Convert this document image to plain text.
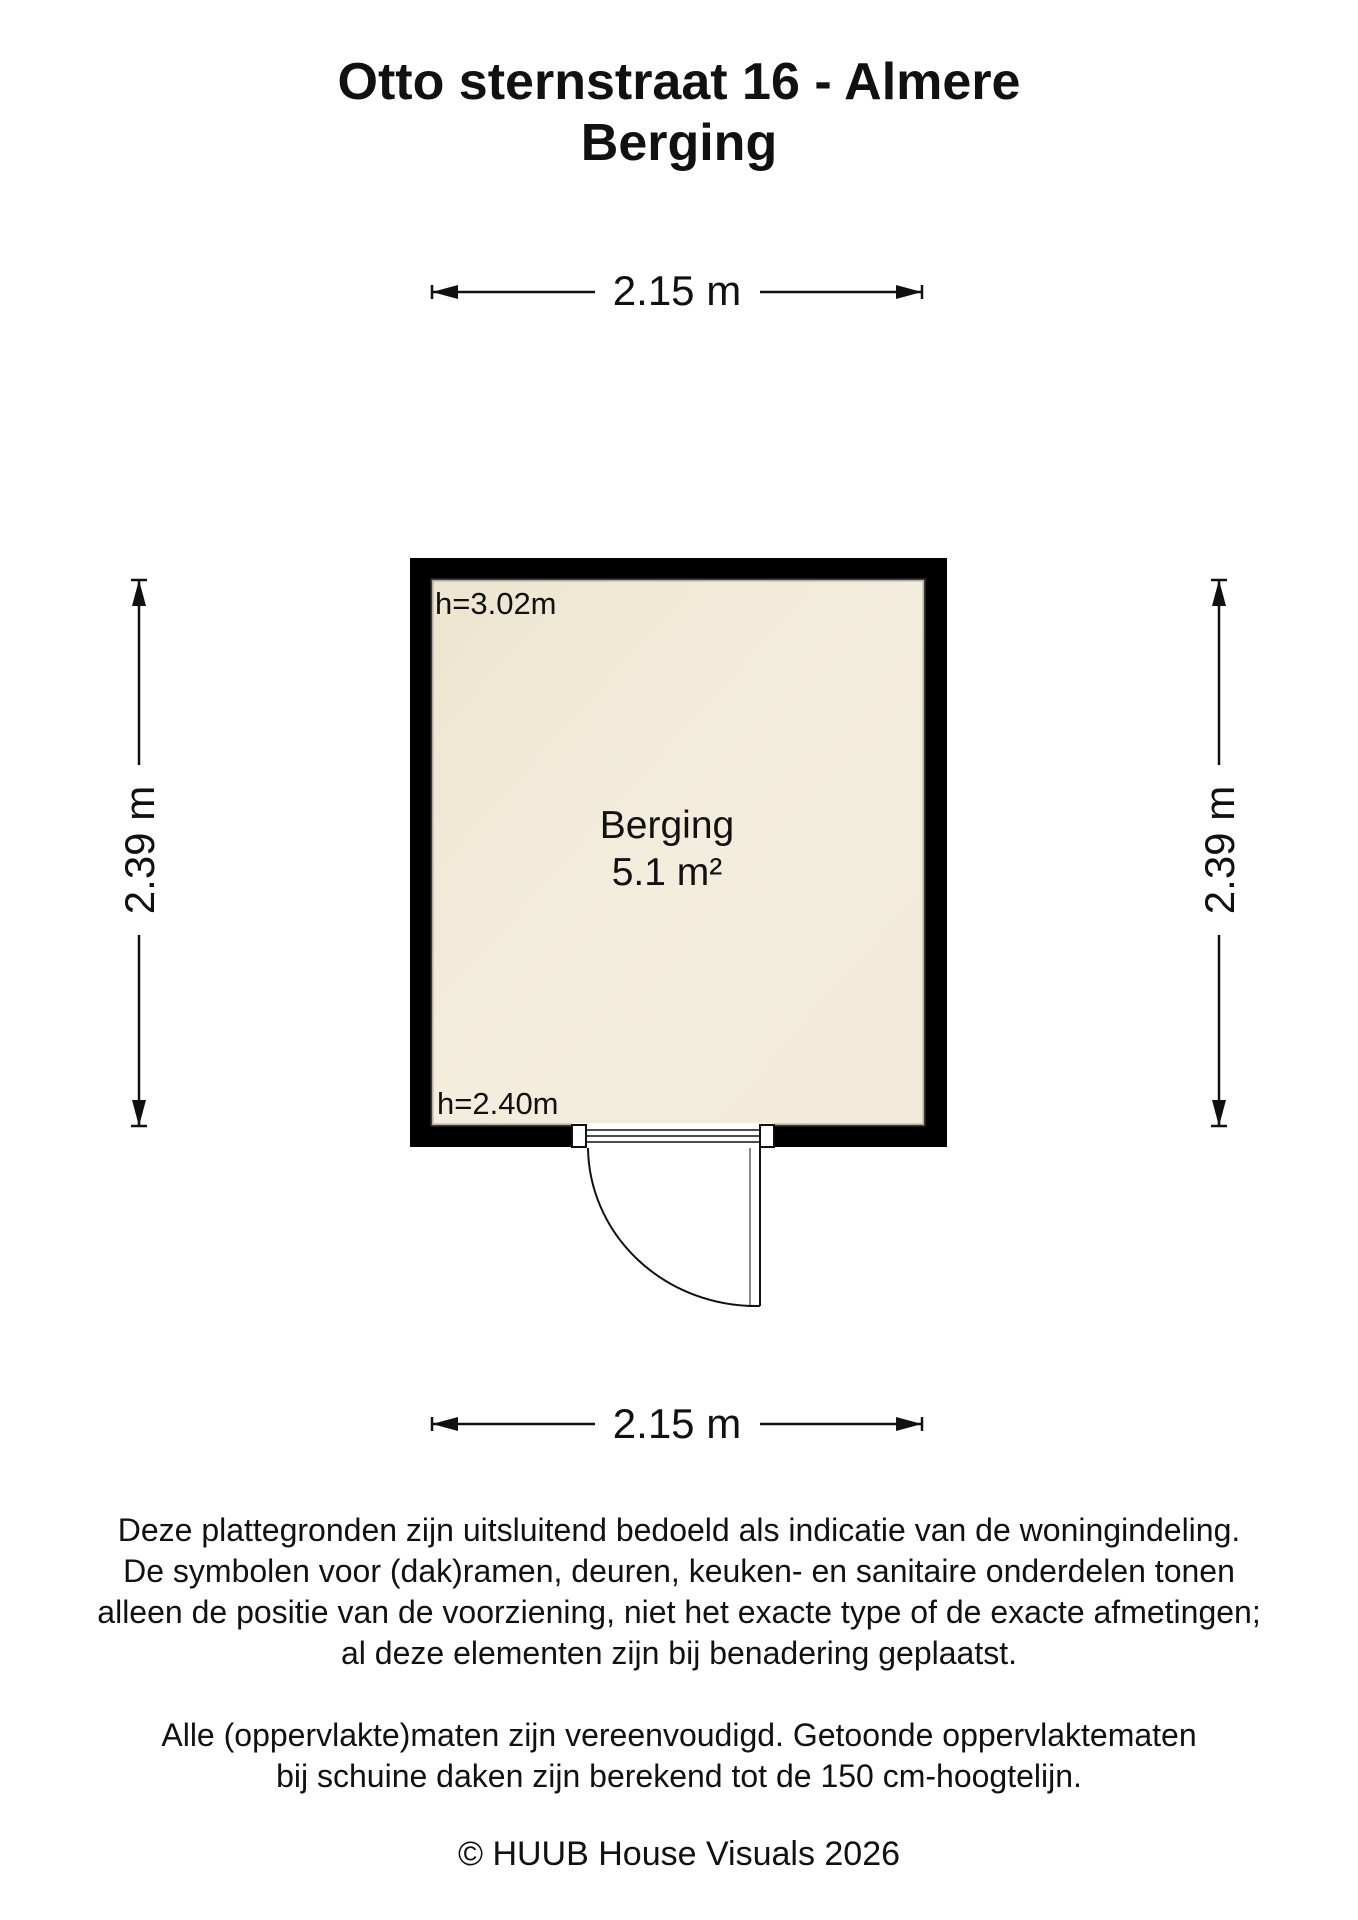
Otto sternstraat 16 - Almere
Berging
2.15 m
2.15 m
2.39 m	2.39 m
h=3.02m
h=2.40m
Berging
5.1 m²
Deze plattegronden zijn uitsluitend bedoeld als indicatie van de woningindeling.
De symbolen voor (dak)ramen, deuren, keuken- en sanitaire onderdelen tonen
alleen de positie van de voorziening, niet het exacte type of de exacte afmetingen;
al deze elementen zijn bij benadering geplaatst.
Alle (oppervlakte)maten zijn vereenvoudigd. Getoonde oppervlaktematen
bij schuine daken zijn berekend tot de 150 cm-hoogtelijn.
© HUUB House Visuals 2026
